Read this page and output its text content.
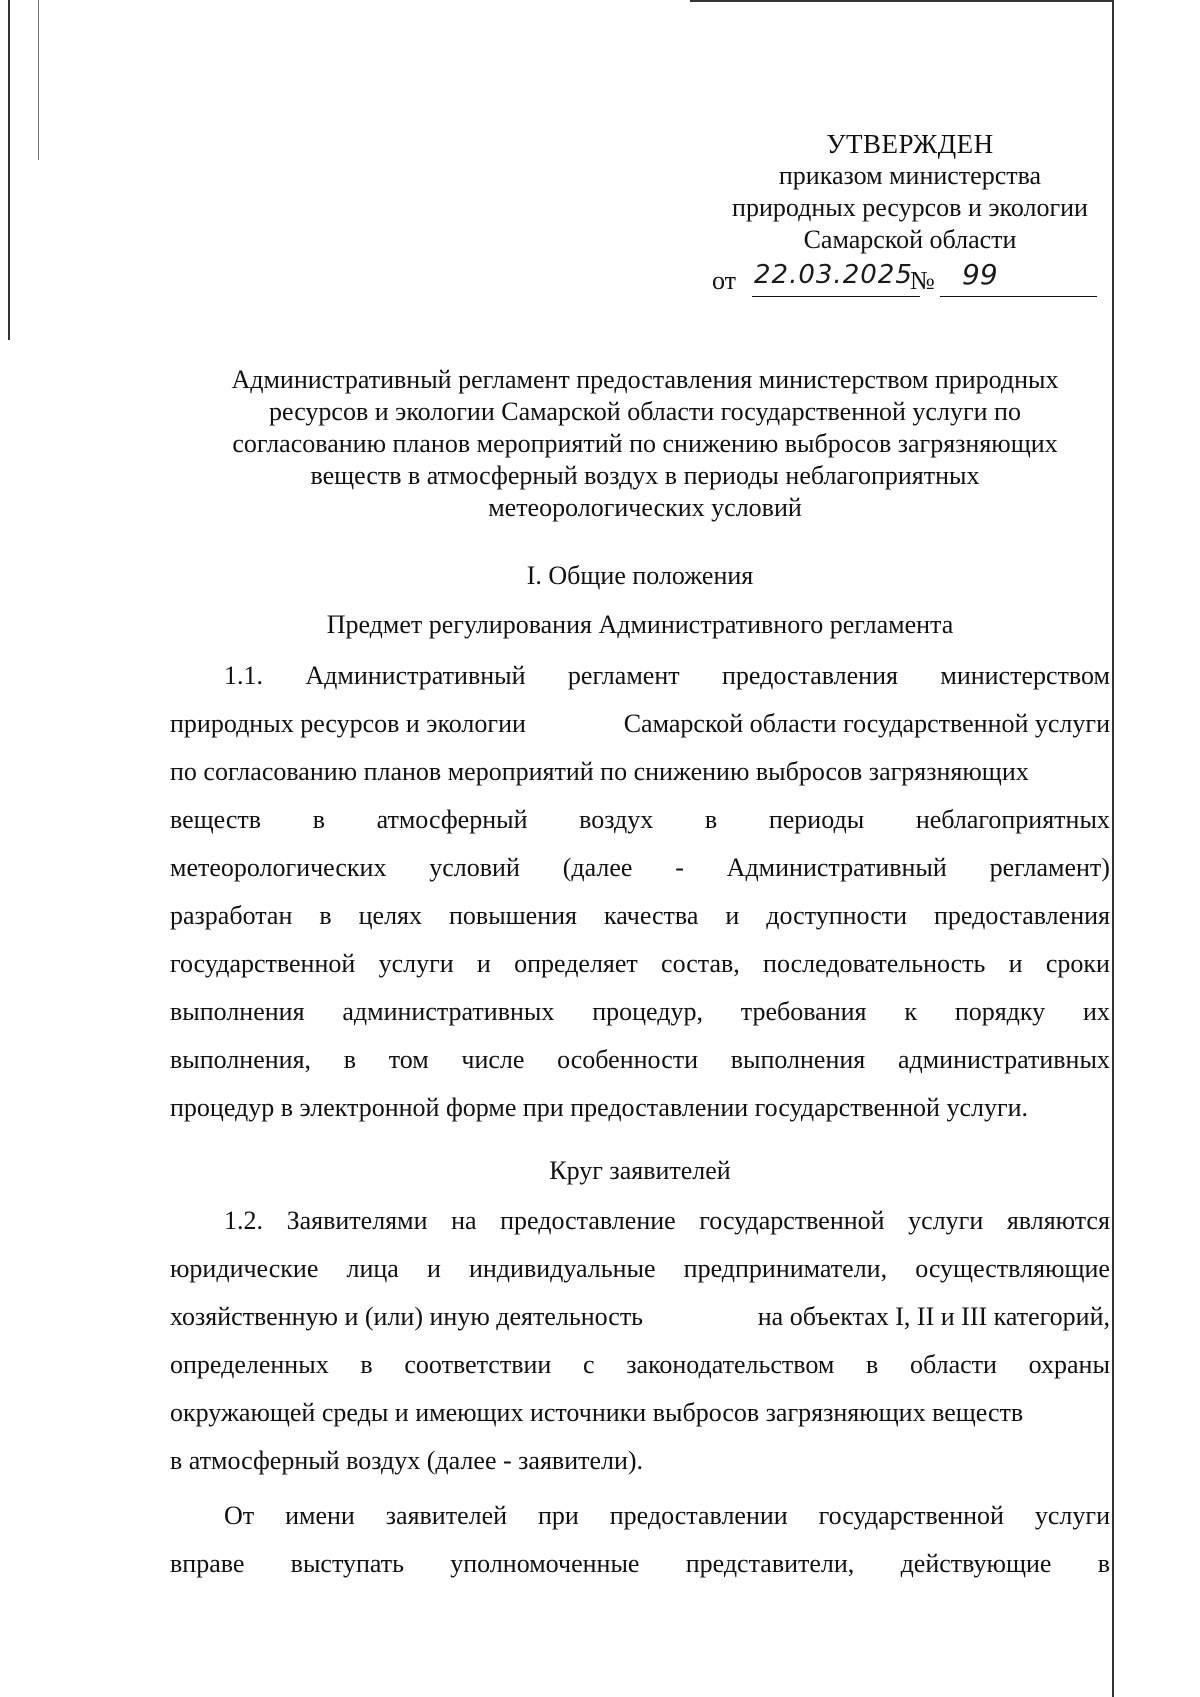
УТВЕРЖДЕН
приказом министерства
природных ресурсов и экологии
Самарской области
от 22.03.2025
№ 99
Административный регламент предоставления министерством природных
ресурсов и экологии Самарской области государственной услуги по
согласованию планов мероприятий по снижению выбросов загрязняющих
веществ в атмосферный воздух в периоды неблагоприятных
метеорологических условий
I. Общие положения
Предмет регулирования Административного регламента
1.1. Административный регламент предоставления министерством
природных ресурсов и экологии	Самарской области государственной услуги
по согласованию планов мероприятий по снижению выбросов загрязняющих
веществ в атмосферный воздух в периоды неблагоприятных
метеорологических условий (далее - Административный регламент)
разработан в целях повышения качества и доступности предоставления
государственной услуги и определяет состав, последовательность и сроки
выполнения административных процедур, требования к порядку их
выполнения, в том числе особенности выполнения административных
процедур в электронной форме при предоставлении государственной услуги.
Круг заявителей
1.2. Заявителями на предоставление государственной услуги являются
юридические лица и индивидуальные предприниматели, осуществляющие
хозяйственную и (или) иную деятельность	на объектах I, II и III категорий,
определенных в соответствии с законодательством в области охраны
окружающей среды и имеющих источники выбросов загрязняющих веществ
в атмосферный воздух (далее - заявители).
От имени заявителей при предоставлении государственной услуги
вправе выступать уполномоченные представители, действующие в
